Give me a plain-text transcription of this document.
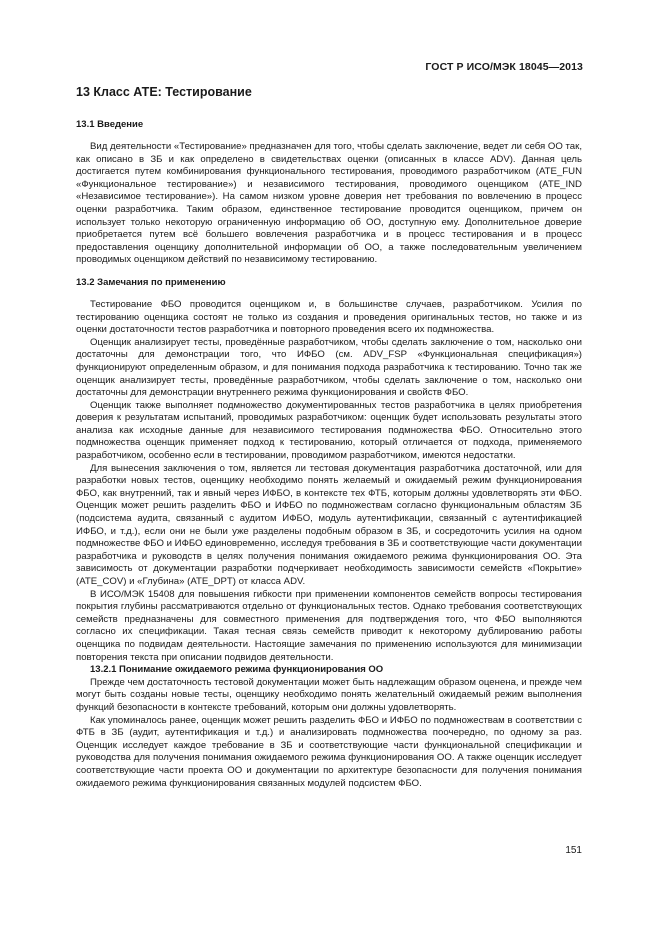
ГОСТ Р ИСО/МЭК 18045—2013
13 Класс АТЕ: Тестирование
13.1 Введение

Вид деятельности «Тестирование» предназначен для того, чтобы сделать заключение, ведет ли себя ОО так, как описано в ЗБ и как определено в свидетельствах оценки (описанных в классе ADV). Данная цель достигается путем комбинирования функционального тестирования, проводимого разработчиком (ATE_FUN «Функциональное тестирование») и независимого тестирования, проводимого оценщиком (ATE_IND «Независимое тестирование»). На самом низком уровне доверия нет требования по вовлечению в процесс оценки разработчика. Таким образом, единственное тестирование проводится оценщиком, причем он использует только некоторую ограниченную информацию об ОО, доступную ему. Дополнительное доверие приобретается путем всё большего вовлечения разработчика и в процесс тестирования и в процесс предоставления оценщику дополнительной информации об ОО, а также последовательным увеличением проводимых оценщиком действий по независимому тестированию.

13.2 Замечания по применению

Тестирование ФБО проводится оценщиком и, в большинстве случаев, разработчиком. Усилия по тестированию оценщика состоят не только из создания и проведения оригинальных тестов, но также и из оценки достаточности тестов разработчика и повторного проведения всего их подмножества.

Оценщик анализирует тесты, проведённые разработчиком, чтобы сделать заключение о том, насколько они достаточны для демонстрации того, что ИФБО (см. ADV_FSP «Функциональная спецификация») функционируют определенным образом, и для понимания подхода разработчика к тестированию. Точно так же оценщик анализирует тесты, проведённые разработчиком, чтобы сделать заключение о том, насколько они достаточны для демонстрации внутреннего режима функционирования и свойств ФБО.

Оценщик также выполняет подмножество документированных тестов разработчика в целях приобретения доверия к результатам испытаний, проводимых разработчиком: оценщик будет использовать результаты этого анализа как исходные данные для независимого тестирования подмножества ФБО. Относительно этого подмножества оценщик применяет подход к тестированию, который отличается от подхода, применяемого разработчиком, особенно если в тестировании, проводимом разработчиком, имеются недостатки.

Для вынесения заключения о том, является ли тестовая документация разработчика достаточной, или для разработки новых тестов, оценщику необходимо понять желаемый и ожидаемый режим функционирования ФБО, как внутренний, так и явный через ИФБО, в контексте тех ФТБ, которым должны удовлетворять эти ФБО. Оценщик может решить разделить ФБО и ИФБО по подмножествам согласно функциональным областям ЗБ (подсистема аудита, связанный с аудитом ИФБО, модуль аутентификации, связанный с аутентификацией ИФБО, и т.д.), если они не были уже разделены подобным образом в ЗБ, и сосредоточить усилия на одном подмножестве ФБО и ИФБО единовременно, исследуя требования в ЗБ и соответствующие части документации разработчика и руководств в целях получения понимания ожидаемого режима функционирования ОО. Эта зависимость от документации разработки подчеркивает необходимость зависимости семейств «Покрытие» (ATE_COV) и «Глубина» (ATE_DPT) от класса ADV.

В ИСО/МЭК 15408 для повышения гибкости при применении компонентов семейств вопросы тестирования покрытия глубины рассматриваются отдельно от функциональных тестов. Однако требования соответствующих семейств предназначены для совместного применения для подтверждения того, что ФБО выполняются согласно их спецификации. Такая тесная связь семейств приводит к некоторому дублированию работы оценщика по подвидам деятельности. Настоящие замечания по применению используются для минимизации повторения текста при описании подвидов деятельности.

13.2.1 Понимание ожидаемого режима функционирования ОО

Прежде чем достаточность тестовой документации может быть надлежащим образом оценена, и прежде чем могут быть созданы новые тесты, оценщику необходимо понять желательный ожидаемый режим выполнения функций безопасности в контексте требований, которым они должны удовлетворять.

Как упоминалось ранее, оценщик может решить разделить ФБО и ИФБО по подмножествам в соответствии с ФТБ в ЗБ (аудит, аутентификация и т.д.) и анализировать подмножества поочередно, по одному за раз. Оценщик исследует каждое требование в ЗБ и соответствующие части функциональной спецификации и руководства для получения понимания ожидаемого режима функционирования ОО. А также оценщик исследует соответствующие части проекта ОО и документации по архитектуре безопасности для получения понимания ожидаемого режима функционирования связанных модулей подсистем ФБО.

151
